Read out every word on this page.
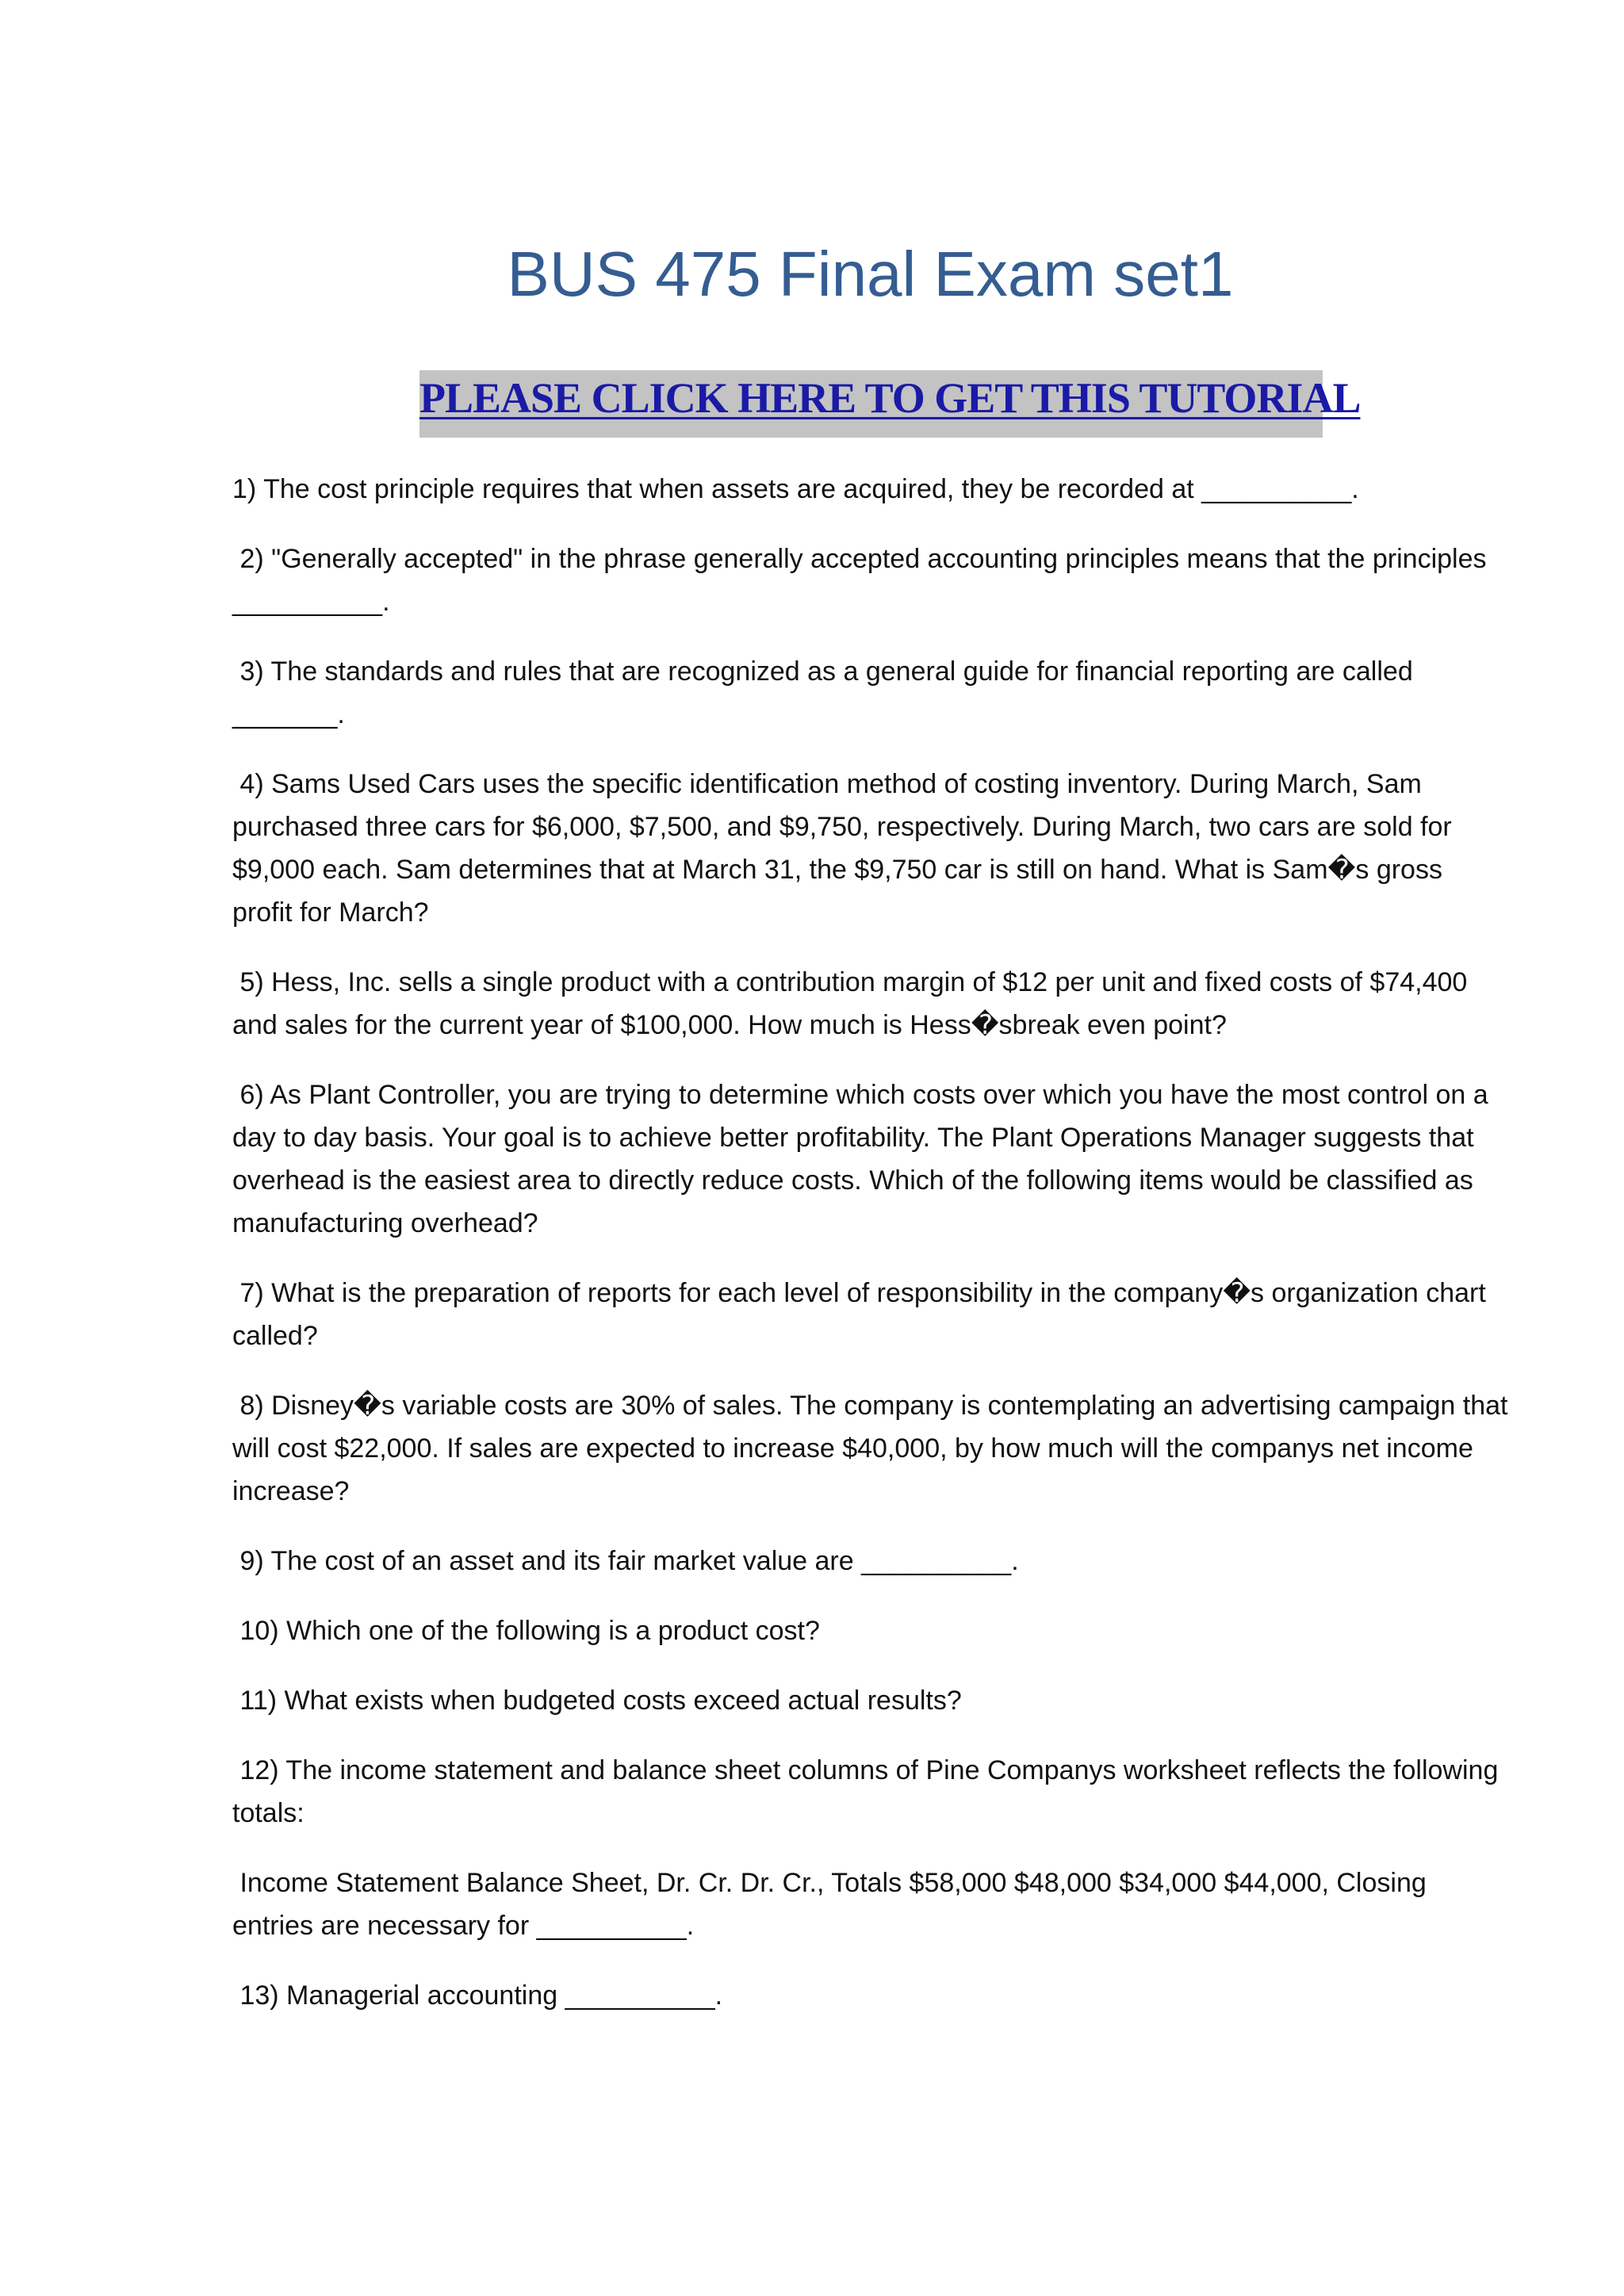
BUS 475 Final Exam set1
PLEASE CLICK HERE TO GET THIS TUTORIAL

1) The cost principle requires that when assets are acquired, they be recorded at __________.

2) "Generally accepted" in the phrase generally accepted accounting principles means that the principles __________.

3) The standards and rules that are recognized as a general guide for financial reporting are called _______.

4) Sams Used Cars uses the specific identification method of costing inventory. During March, Sam purchased three cars for $6,000, $7,500, and $9,750, respectively. During March, two cars are sold for $9,000 each. Sam determines that at March 31, the $9,750 car is still on hand. What is Sam�s gross profit for March?

5) Hess, Inc. sells a single product with a contribution margin of $12 per unit and fixed costs of $74,400 and sales for the current year of $100,000. How much is Hess�sbreak even point?

6) As Plant Controller, you are trying to determine which costs over which you have the most control on a day to day basis. Your goal is to achieve better profitability. The Plant Operations Manager suggests that overhead is the easiest area to directly reduce costs. Which of the following items would be classified as manufacturing overhead?

7) What is the preparation of reports for each level of responsibility in the company�s organization chart called?

8) Disney�s variable costs are 30% of sales. The company is contemplating an advertising campaign that will cost $22,000. If sales are expected to increase $40,000, by how much will the companys net income increase?

9) The cost of an asset and its fair market value are __________.

10) Which one of the following is a product cost?

11) What exists when budgeted costs exceed actual results?

12) The income statement and balance sheet columns of Pine Companys worksheet reflects the following totals:

Income Statement Balance Sheet, Dr. Cr. Dr. Cr., Totals $58,000 $48,000 $34,000 $44,000, Closing entries are necessary for __________.

13) Managerial accounting __________.
